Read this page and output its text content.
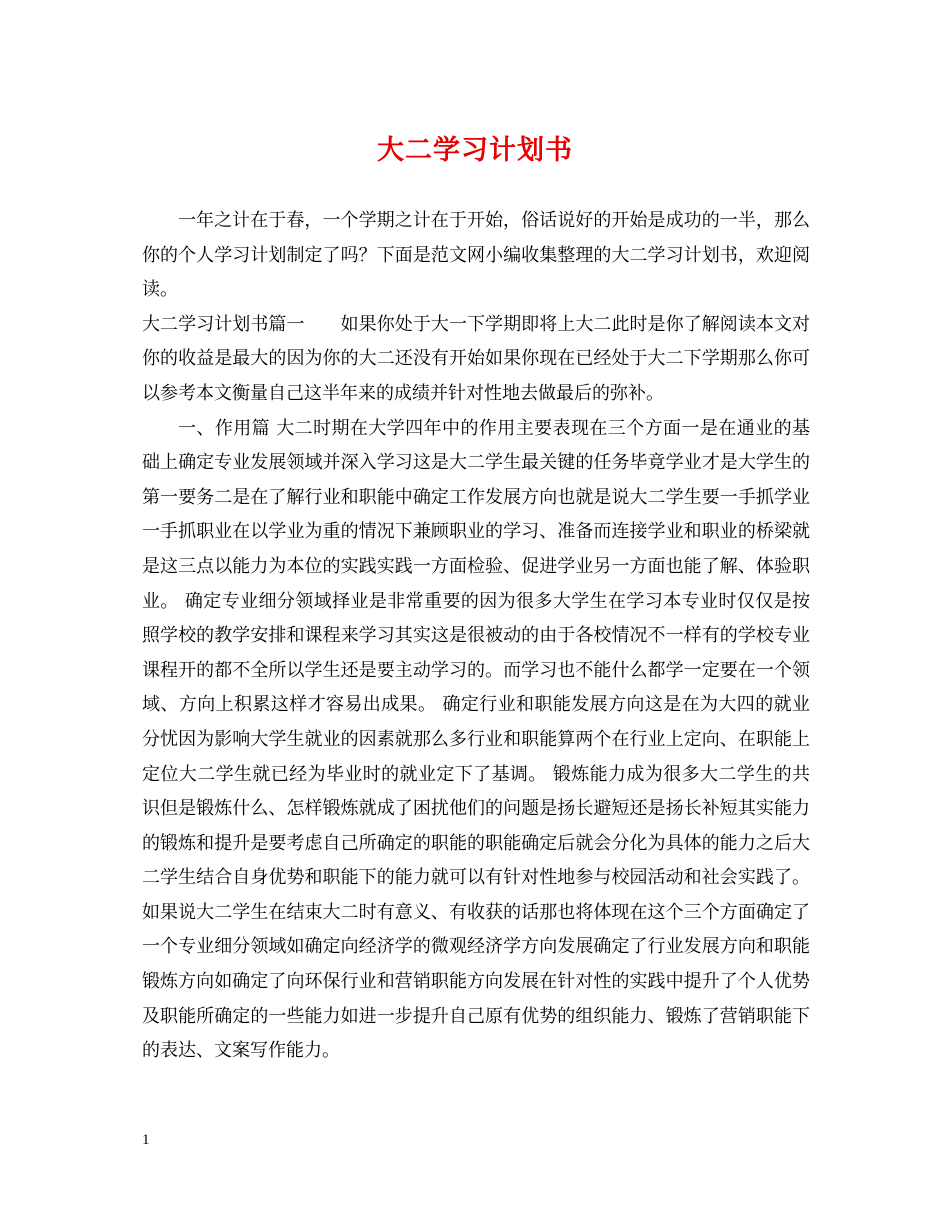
大二学习计划书

一年之计在于春，一个学期之计在于开始，俗话说好的开始是成功的一半，那么你的个人学习计划制定了吗？下面是范文网小编收集整理的大二学习计划书，欢迎阅读。

大二学习计划书篇一　　如果你处于大一下学期即将上大二此时是你了解阅读本文对你的收益是最大的因为你的大二还没有开始如果你现在已经处于大二下学期那么你可以参考本文衡量自己这半年来的成绩并针对性地去做最后的弥补。

一、作用篇 大二时期在大学四年中的作用主要表现在三个方面一是在通业的基础上确定专业发展领域并深入学习这是大二学生最关键的任务毕竟学业才是大学生的第一要务二是在了解行业和职能中确定工作发展方向也就是说大二学生要一手抓学业一手抓职业在以学业为重的情况下兼顾职业的学习、准备而连接学业和职业的桥梁就是这三点以能力为本位的实践实践一方面检验、促进学业另一方面也能了解、体验职业。 确定专业细分领域择业是非常重要的因为很多大学生在学习本专业时仅仅是按照学校的教学安排和课程来学习其实这是很被动的由于各校情况不一样有的学校专业课程开的都不全所以学生还是要主动学习的。而学习也不能什么都学一定要在一个领域、方向上积累这样才容易出成果。 确定行业和职能发展方向这是在为大四的就业分忧因为影响大学生就业的因素就那么多行业和职能算两个在行业上定向、在职能上定位大二学生就已经为毕业时的就业定下了基调。 锻炼能力成为很多大二学生的共识但是锻炼什么、怎样锻炼就成了困扰他们的问题是扬长避短还是扬长补短其实能力的锻炼和提升是要考虑自己所确定的职能的职能确定后就会分化为具体的能力之后大二学生结合自身优势和职能下的能力就可以有针对性地参与校园活动和社会实践了。 如果说大二学生在结束大二时有意义、有收获的话那也将体现在这个三个方面确定了一个专业细分领域如确定向经济学的微观经济学方向发展确定了行业发展方向和职能锻炼方向如确定了向环保行业和营销职能方向发展在针对性的实践中提升了个人优势及职能所确定的一些能力如进一步提升自己原有优势的组织能力、锻炼了营销职能下的表达、文案写作能力。

1
